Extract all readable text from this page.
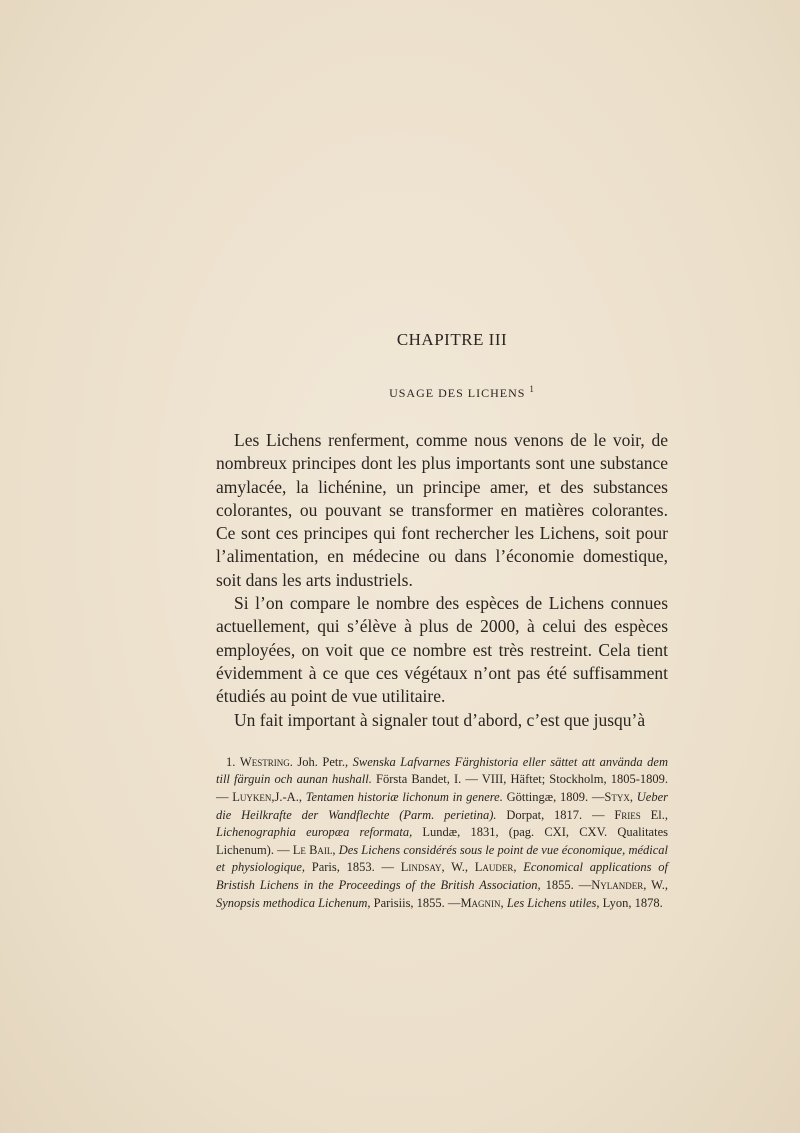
CHAPITRE III
USAGE DES LICHENS $^1$

Les Lichens renferment, comme nous venons de le voir, de nombreux principes dont les plus importants sont une substance amylacée, la lichénine, un principe amer, et des substances colorantes, ou pouvant se transformer en matières colorantes. Ce sont ces principes qui font rechercher les Lichens, soit pour l’alimentation, en médecine ou dans l’économie domestique, soit dans les arts industriels.

Si l’on compare le nombre des espèces de Lichens connues actuellement, qui s’élève à plus de 2000, à celui des espèces employées, on voit que ce nombre est très restreint. Cela tient évidemment à ce que ces végétaux n’ont pas été suffisamment étudiés au point de vue utilitaire.

Un fait important à signaler tout d’abord, c’est que jusqu’à

1. Westring. Joh. Petr., Swenska Lafvarnes Färghistoria eller sättet att använda dem till färguin och aunan hushall. Första Bandet, I. — VIII, Häftet; Stockholm, 1805-1809. — Luyken,J.-A., Tentamen historiæ lichonum in genere. Göttingæ, 1809. —Styx, Ueber die Heilkrafte der Wandflechte (Parm. perietina). Dorpat, 1817. — Fries El., Lichenographia europæa reformata, Lundæ, 1831, (pag. CXI, CXV. Qualitates Lichenum). — Le Bail, Des Lichens considérés sous le point de vue économique, médical et physiologique, Paris, 1853. — Lindsay, W., Lauder, Economical applications of Bristish Lichens in the Proceedings of the British Association, 1855. —Nylander, W., Synopsis methodica Lichenum, Parisiis, 1855. —Magnin, Les Lichens utiles, Lyon, 1878.
